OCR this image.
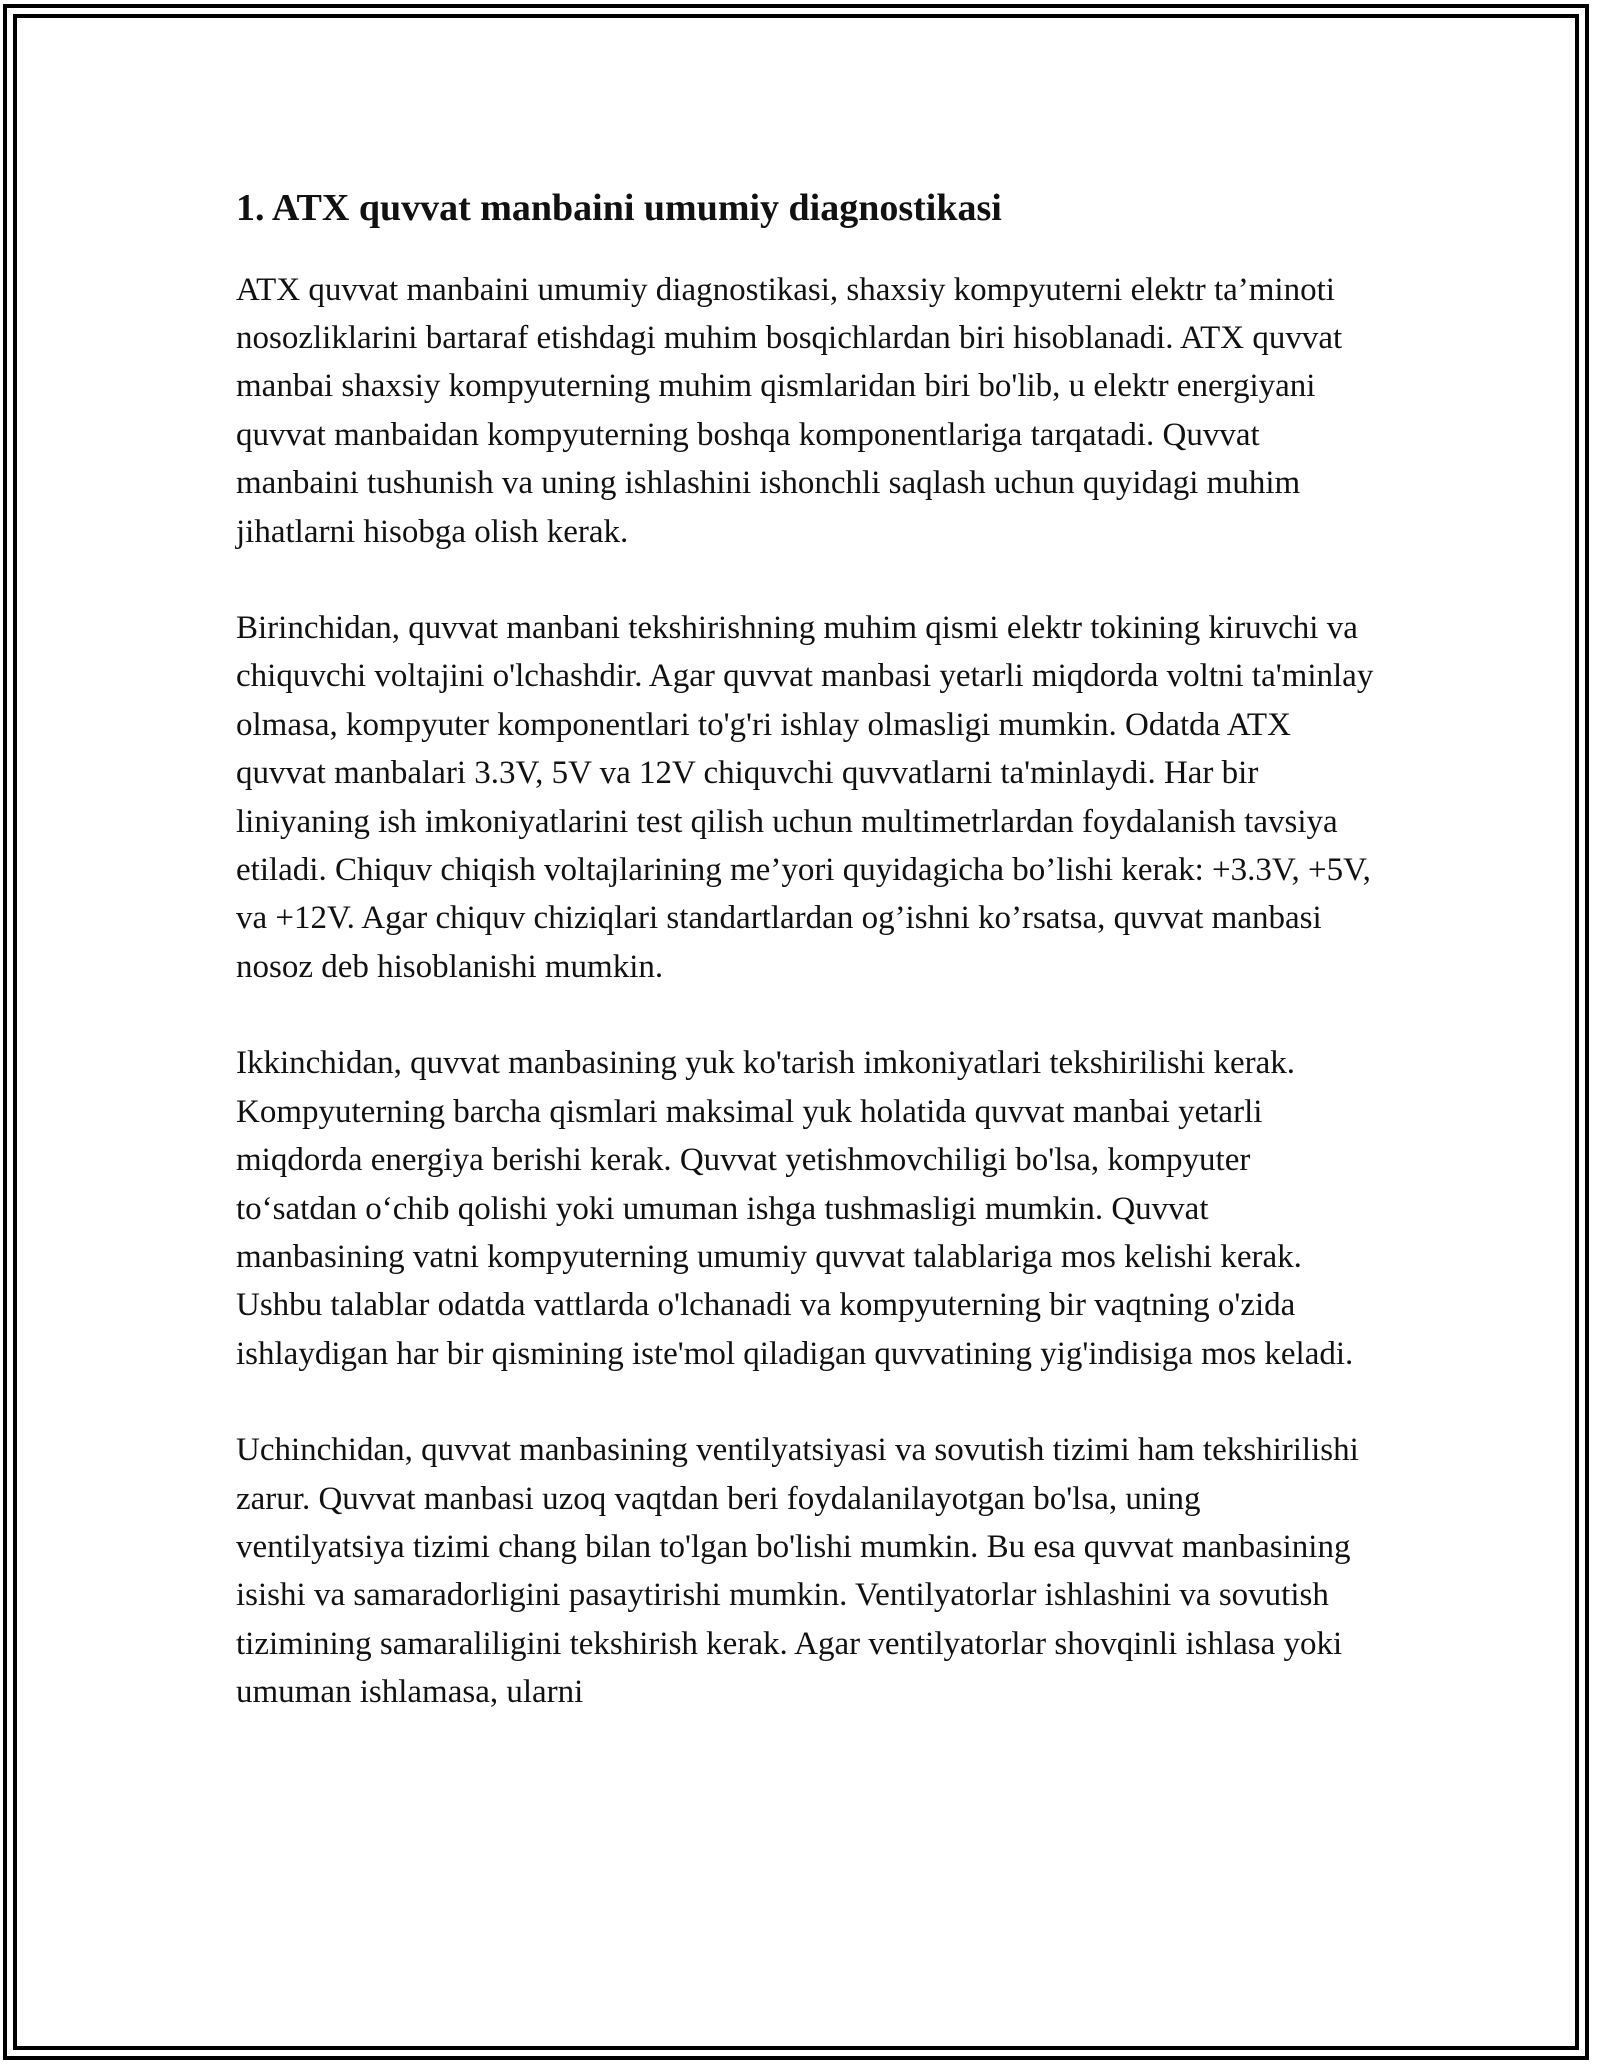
1. ATX quvvat manbaini umumiy diagnostikasi

ATX quvvat manbaini umumiy diagnostikasi, shaxsiy kompyuterni elektr ta’minoti nosozliklarini bartaraf etishdagi muhim bosqichlardan biri hisoblanadi. ATX quvvat manbai shaxsiy kompyuterning muhim qismlaridan biri bo'lib, u elektr energiyani quvvat manbaidan kompyuterning boshqa komponentlariga tarqatadi. Quvvat manbaini tushunish va uning ishlashini ishonchli saqlash uchun quyidagi muhim jihatlarni hisobga olish kerak.

Birinchidan, quvvat manbani tekshirishning muhim qismi elektr tokining kiruvchi va chiquvchi voltajini o'lchashdir. Agar quvvat manbasi yetarli miqdorda voltni ta'minlay olmasa, kompyuter komponentlari to'g'ri ishlay olmasligi mumkin. Odatda ATX quvvat manbalari 3.3V, 5V va 12V chiquvchi quvvatlarni ta'minlaydi. Har bir liniyaning ish imkoniyatlarini test qilish uchun multimetrlardan foydalanish tavsiya etiladi. Chiquv chiqish voltajlarining me’yori quyidagicha bo’lishi kerak: +3.3V, +5V, va +12V. Agar chiquv chiziqlari standartlardan og’ishni ko’rsatsa, quvvat manbasi nosoz deb hisoblanishi mumkin.

Ikkinchidan, quvvat manbasining yuk ko'tarish imkoniyatlari tekshirilishi kerak. Kompyuterning barcha qismlari maksimal yuk holatida quvvat manbai yetarli miqdorda energiya berishi kerak. Quvvat yetishmovchiligi bo'lsa, kompyuter to‘satdan o‘chib qolishi yoki umuman ishga tushmasligi mumkin. Quvvat manbasining vatni kompyuterning umumiy quvvat talablariga mos kelishi kerak. Ushbu talablar odatda vattlarda o'lchanadi va kompyuterning bir vaqtning o'zida ishlaydigan har bir qismining iste'mol qiladigan quvvatining yig'indisiga mos keladi.

Uchinchidan, quvvat manbasining ventilyatsiyasi va sovutish tizimi ham tekshirilishi zarur. Quvvat manbasi uzoq vaqtdan beri foydalanilayotgan bo'lsa, uning ventilyatsiya tizimi chang bilan to'lgan bo'lishi mumkin. Bu esa quvvat manbasining isishi va samaradorligini pasaytirishi mumkin. Ventilyatorlar ishlashini va sovutish tizimining samaraliligini tekshirish kerak. Agar ventilyatorlar shovqinli ishlasa yoki umuman ishlamasa, ularni
